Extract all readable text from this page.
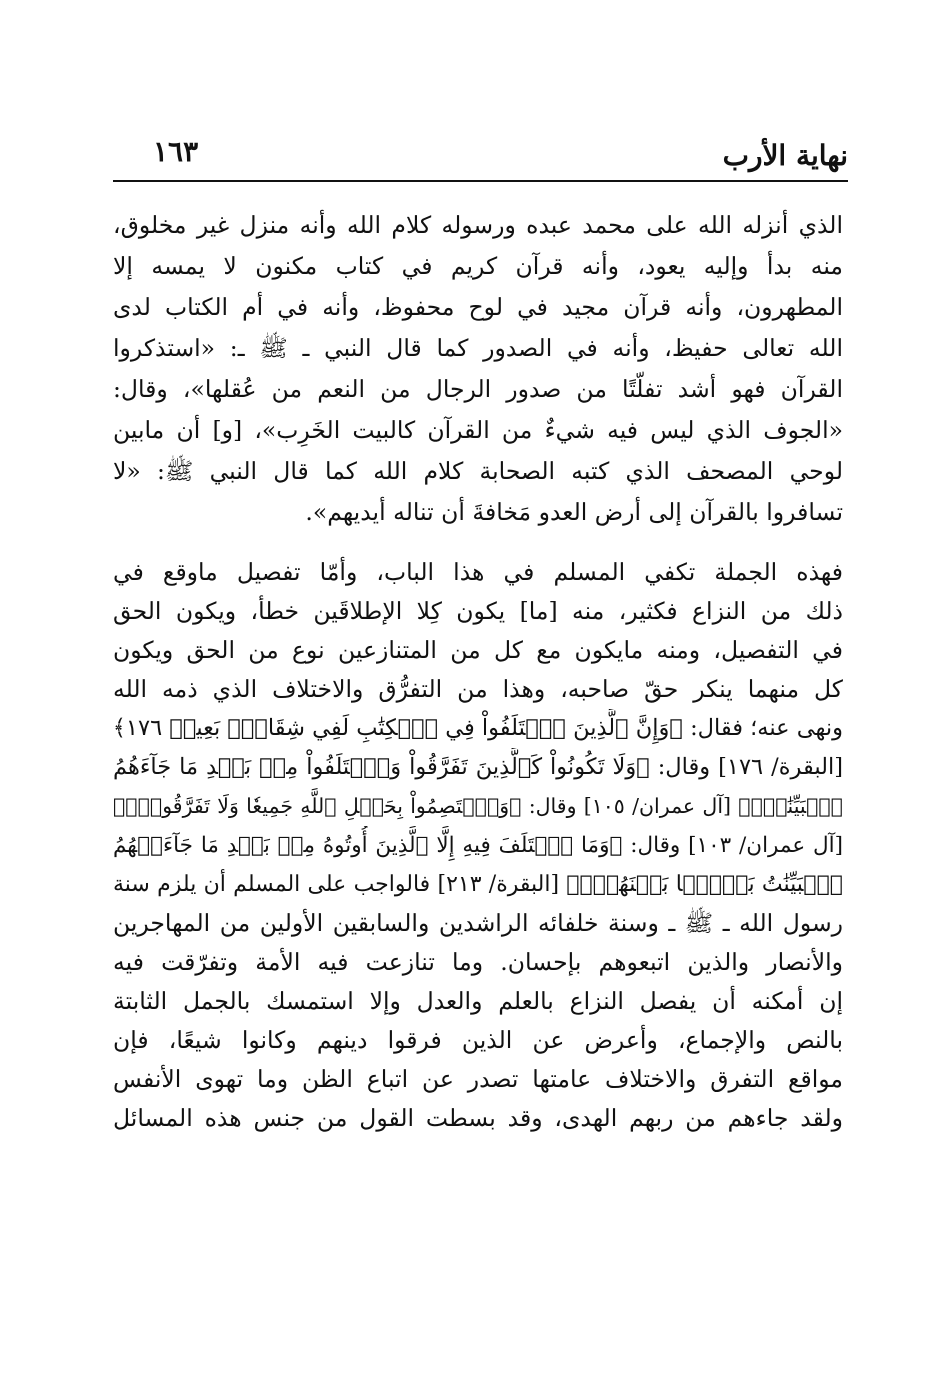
نهاية الأرب
١٦٣
الذي أنزله الله على محمد عبده ورسوله كلام الله وأنه منزل غير مخلوق،
منه بدأ وإليه يعود، وأنه قرآن كريم في كتاب مكنون لا يمسه إلا
المطهرون، وأنه قرآن مجيد في لوح محفوظ، وأنه في أم الكتاب لدى
الله تعالى حفيظ، وأنه في الصدور كما قال النبي ـ ﷺ ـ: «استذكروا
القرآن فهو أشد تفلّتًا من صدور الرجال من النعم من عُقلها»، وقال:
«الجوف الذي ليس فيه شيءٌ من القرآن كالبيت الخَرِب»، [و] أن مابين
لوحي المصحف الذي كتبه الصحابة كلام الله كما قال النبي ﷺ: «لا
تسافروا بالقرآن إلى أرض العدو مَخافةَ أن تناله أيديهم».
فهذه الجملة تكفي المسلم في هذا الباب، وأمّا تفصيل ماوقع في
ذلك من النزاع فكثير، منه [ما] يكون كِلا الإطلاقَين خطأ، ويكون الحق
في التفصيل، ومنه مايكون مع كل من المتنازعين نوع من الحق ويكون
كل منهما ينكر حقّ صاحبه، وهذا من التفرُّق والاختلاف الذي ذمه الله
ونهى عنه؛ فقال: ﴿وَإِنَّ ٱلَّذِينَ ٱخۡتَلَفُواْ فِي ٱلۡكِتَٰبِ لَفِي شِقَاقِۭ بَعِيدٖ ١٧٦﴾
[البقرة/ ١٧٦] وقال: ﴿وَلَا تَكُونُواْ كَٱلَّذِينَ تَفَرَّقُواْ وَٱخۡتَلَفُواْ مِنۢ بَعۡدِ مَا جَآءَهُمُ
ٱلۡبَيِّنَٰتُۚ﴾ [آل عمران/ ١٠٥] وقال: ﴿وَٱعۡتَصِمُواْ بِحَبۡلِ ٱللَّهِ جَمِيعٗا وَلَا تَفَرَّقُواْۚ﴾
[آل عمران/ ١٠٣] وقال: ﴿وَمَا ٱخۡتَلَفَ فِيهِ إِلَّا ٱلَّذِينَ أُوتُوهُ مِنۢ بَعۡدِ مَا جَآءَتۡهُمُ
ٱلۡبَيِّنَٰتُ بَغۡيَۢا بَيۡنَهُمۡۖ﴾ [البقرة/ ٢١٣] فالواجب على المسلم أن يلزم سنة
رسول الله ـ ﷺ ـ وسنة خلفائه الراشدين والسابقين الأولين من المهاجرين
والأنصار والذين اتبعوهم بإحسان. وما تنازعت فيه الأمة وتفرّقت فيه
إن أمكنه أن يفصل النزاع بالعلم والعدل وإلا استمسك بالجمل الثابتة
بالنص والإجماع، وأعرض عن الذين فرقوا دينهم وكانوا شيعًا، فإن
مواقع التفرق والاختلاف عامتها تصدر عن اتباع الظن وما تهوى الأنفس
ولقد جاءهم من ربهم الهدى، وقد بسطت القول من جنس هذه المسائل
